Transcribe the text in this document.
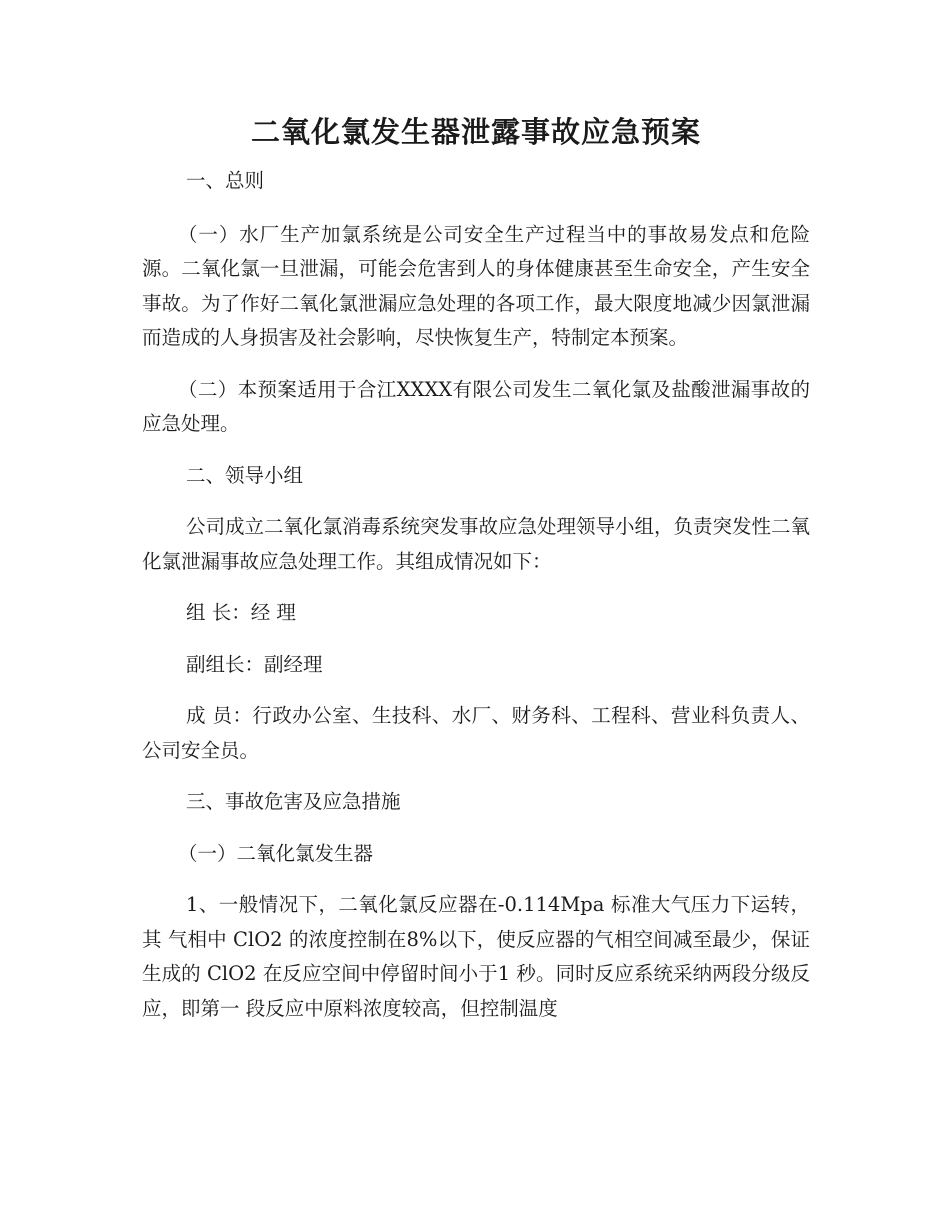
二氧化氯发生器泄露事故应急预案

一、总则

（一）水厂生产加氯系统是公司安全生产过程当中的事故易发点和危险源。二氧化氯一旦泄漏，可能会危害到人的身体健康甚至生命安全，产生安全事故。为了作好二氧化氯泄漏应急处理的各项工作，最大限度地减少因氯泄漏而造成的人身损害及社会影响，尽快恢复生产，特制定本预案。

（二）本预案适用于合江XXXX有限公司发生二氧化氯及盐酸泄漏事故的应急处理。

二、领导小组

公司成立二氧化氯消毒系统突发事故应急处理领导小组，负责突发性二氧化氯泄漏事故应急处理工作。其组成情况如下：

组 长：经 理

副组长：副经理

成 员：行政办公室、生技科、水厂、财务科、工程科、营业科负责人、公司安全员。

三、事故危害及应急措施

（一）二氧化氯发生器

1、一般情况下，二氧化氯反应器在-0.114Mpa 标准大气压力下运转，其 气相中 ClO2 的浓度控制在8%以下，使反应器的气相空间减至最少，保证生成的 ClO2 在反应空间中停留时间小于1 秒。同时反应系统采纳两段分级反应，即第一 段反应中原料浓度较高，但控制温度
